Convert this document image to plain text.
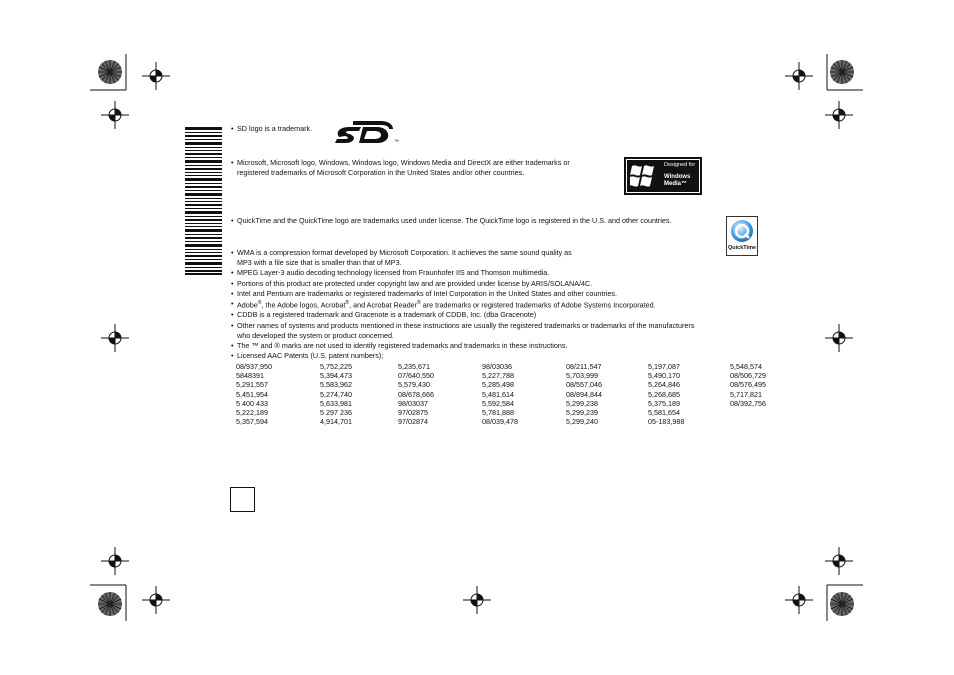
™
Designed for
Windows
Media™
QuickTime
• SD logo is a trademark.
• Microsoft, Microsoft logo, Windows, Windows logo, Windows Media and DirectX are either trademarks or
registered trademarks of Microsoft Corporation in the United States and/or other countries.
• QuickTime and the QuickTime logo are trademarks used under license. The QuickTime logo is registered in the U.S. and other countries.
• WMA is a compression format developed by Microsoft Corporation. It achieves the same sound quality as
MP3 with a file size that is smaller than that of MP3.
• MPEG Layer-3 audio decoding technology licensed from Fraunhofer IIS and Thomson multimedia.
• Portions of this product are protected under copyright law and are provided under license by ARIS/SOLANA/4C.
• Intel and Pentium are trademarks or registered trademarks of Intel Corporation in the United States and other countries.
• Adobe®, the Adobe logos, Acrobat®, and Acrobat Reader® are trademarks or registered trademarks of Adobe Systems Incorporated.
• CDDB is a registered trademark and Gracenote is a trademark of CDDB, Inc. (dba Gracenote)
• Other names of systems and products mentioned in these instructions are usually the registered trademarks or trademarks of the manufacturers
who developed the system or product concerned.
• The ™ and ® marks are not used to identify registered trademarks and trademarks in these instructions.
• Licensed AAC Patents (U.S. patent numbers);
08/937,950	5,752,225	5,235,671	98/03036	08/211,547	5,197,087	5,548,574
5848391	5,394,473	07/640,550	5,227,788	5,703,999	5,490,170	08/506,729
5,291,557	5,583,962	5,579,430	5,285,498	08/557,046	5,264,846	08/576,495
5,451,954	5,274,740	08/678,666	5,481,614	08/894,844	5,268,685	5,717,821
5 400 433	5,633,981	98/03037	5,592,584	5,299,238	5,375,189	08/392,756
5,222,189	5 297 236	97/02875	5,781,888	5,299,239	5,581,654	
5,357,594	4,914,701	97/02874	08/039,478	5,299,240	05-183,988	
